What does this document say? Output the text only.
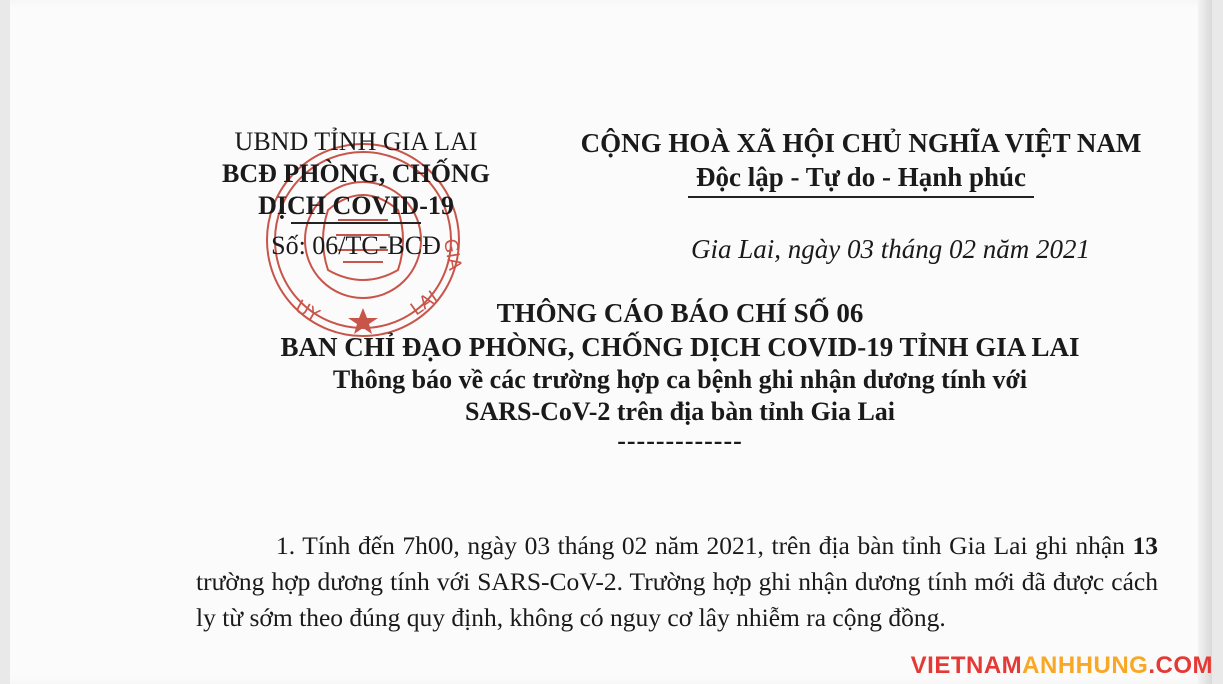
UY	LAI
GIA
UBND TỈNH GIA LAI
BCĐ PHÒNG, CHỐNG
DỊCH COVID-19
Số: 06/TC-BCĐ
CỘNG HOÀ XÃ HỘI CHỦ NGHĨA VIỆT NAM
Độc lập - Tự do - Hạnh phúc
Gia Lai, ngày 03 tháng 02 năm 2021
THÔNG CÁO BÁO CHÍ SỐ 06
BAN CHỈ ĐẠO PHÒNG, CHỐNG DỊCH COVID-19 TỈNH GIA LAI
Thông báo về các trường hợp ca bệnh ghi nhận dương tính với
SARS-CoV-2 trên địa bàn tỉnh Gia Lai
-------------

1. Tính đến 7h00, ngày 03 tháng 02 năm 2021, trên địa bàn tỉnh Gia Lai ghi nhận 13 trường hợp dương tính với SARS-CoV-2. Trường hợp ghi nhận dương tính mới đã được cách ly từ sớm theo đúng quy định, không có nguy cơ lây nhiễm ra cộng đồng.

VIETNAMANHHUNG.COM
